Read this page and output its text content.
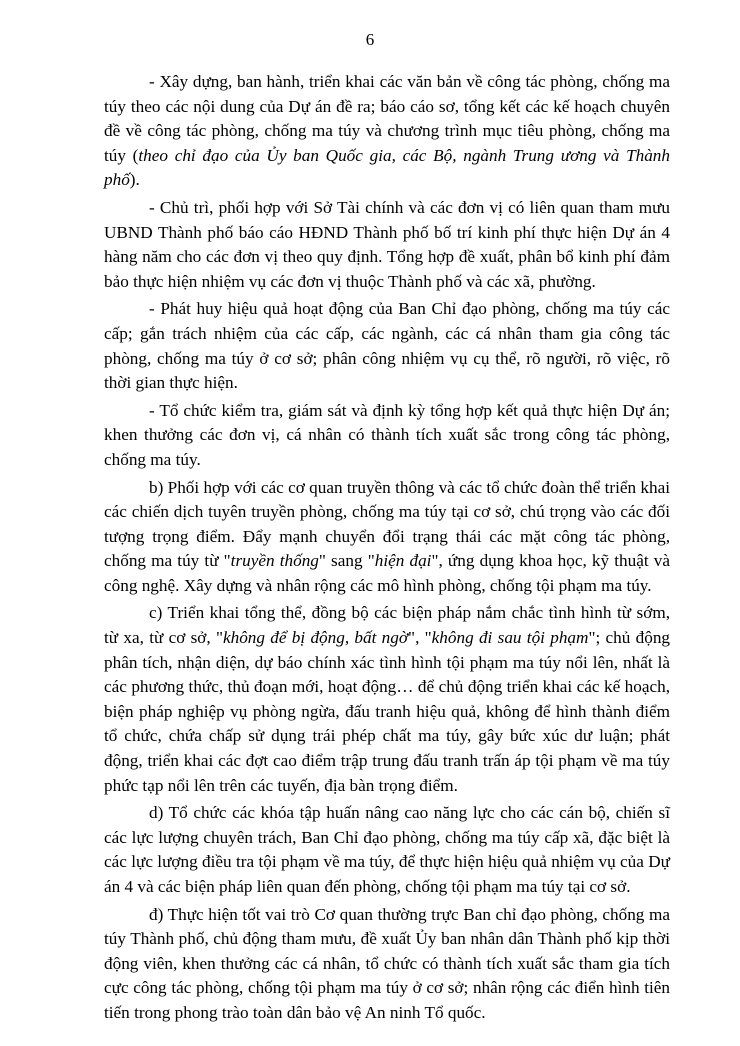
6

- Xây dựng, ban hành, triển khai các văn bản về công tác phòng, chống ma túy theo các nội dung của Dự án đề ra; báo cáo sơ, tổng kết các kế hoạch chuyên đề về công tác phòng, chống ma túy và chương trình mục tiêu phòng, chống ma túy (theo chỉ đạo của Ủy ban Quốc gia, các Bộ, ngành Trung ương và Thành phố).

- Chủ trì, phối hợp với Sở Tài chính và các đơn vị có liên quan tham mưu UBND Thành phố báo cáo HĐND Thành phố bố trí kinh phí thực hiện Dự án 4 hàng năm cho các đơn vị theo quy định. Tổng hợp đề xuất, phân bổ kinh phí đảm bảo thực hiện nhiệm vụ các đơn vị thuộc Thành phố và các xã, phường.

- Phát huy hiệu quả hoạt động của Ban Chỉ đạo phòng, chống ma túy các cấp; gắn trách nhiệm của các cấp, các ngành, các cá nhân tham gia công tác phòng, chống ma túy ở cơ sở; phân công nhiệm vụ cụ thể, rõ người, rõ việc, rõ thời gian thực hiện.

- Tổ chức kiểm tra, giám sát và định kỳ tổng hợp kết quả thực hiện Dự án; khen thưởng các đơn vị, cá nhân có thành tích xuất sắc trong công tác phòng, chống ma túy.

b) Phối hợp với các cơ quan truyền thông và các tổ chức đoàn thể triển khai các chiến dịch tuyên truyền phòng, chống ma túy tại cơ sở, chú trọng vào các đối tượng trọng điểm. Đẩy mạnh chuyển đổi trạng thái các mặt công tác phòng, chống ma túy từ "truyền thống" sang "hiện đại", ứng dụng khoa học, kỹ thuật và công nghệ. Xây dựng và nhân rộng các mô hình phòng, chống tội phạm ma túy.

c) Triển khai tổng thể, đồng bộ các biện pháp nắm chắc tình hình từ sớm, từ xa, từ cơ sở, "không để bị động, bất ngờ", "không đi sau tội phạm"; chủ động phân tích, nhận diện, dự báo chính xác tình hình tội phạm ma túy nổi lên, nhất là các phương thức, thủ đoạn mới, hoạt động… để chủ động triển khai các kế hoạch, biện pháp nghiệp vụ phòng ngừa, đấu tranh hiệu quả, không để hình thành điểm tổ chức, chứa chấp sử dụng trái phép chất ma túy, gây bức xúc dư luận; phát động, triển khai các đợt cao điểm trập trung đấu tranh trấn áp tội phạm về ma túy phức tạp nổi lên trên các tuyến, địa bàn trọng điểm.

d) Tổ chức các khóa tập huấn nâng cao năng lực cho các cán bộ, chiến sĩ các lực lượng chuyên trách, Ban Chỉ đạo phòng, chống ma túy cấp xã, đặc biệt là các lực lượng điều tra tội phạm về ma túy, để thực hiện hiệu quả nhiệm vụ của Dự án 4 và các biện pháp liên quan đến phòng, chống tội phạm ma túy tại cơ sở.

đ) Thực hiện tốt vai trò Cơ quan thường trực Ban chỉ đạo phòng, chống ma túy Thành phố, chủ động tham mưu, đề xuất Ủy ban nhân dân Thành phố kịp thời động viên, khen thưởng các cá nhân, tổ chức có thành tích xuất sắc tham gia tích cực công tác phòng, chống tội phạm ma túy ở cơ sở; nhân rộng các điển hình tiên tiến trong phong trào toàn dân bảo vệ An ninh Tổ quốc.
